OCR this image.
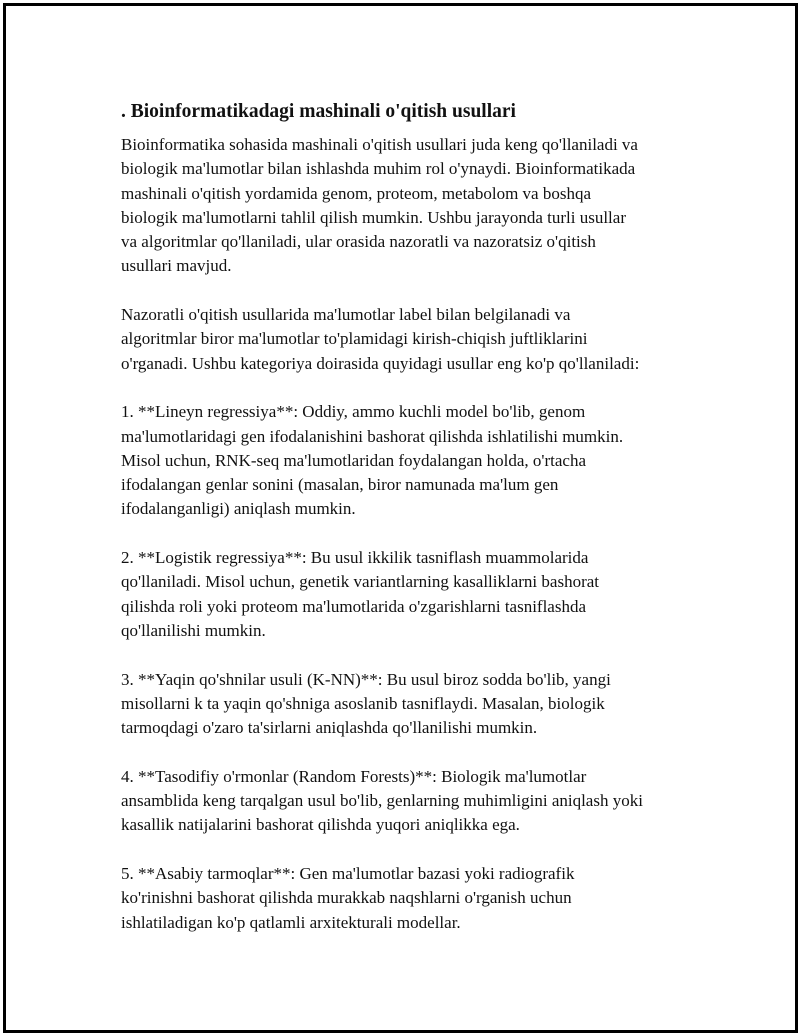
. Bioinformatikadagi mashinali o'qitish usullari
Bioinformatika sohasida mashinali o'qitish usullari juda keng qo'llaniladi va
biologik ma'lumotlar bilan ishlashda muhim rol o'ynaydi. Bioinformatikada
mashinali o'qitish yordamida genom, proteom, metabolom va boshqa
biologik ma'lumotlarni tahlil qilish mumkin. Ushbu jarayonda turli usullar
va algoritmlar qo'llaniladi, ular orasida nazoratli va nazoratsiz o'qitish
usullari mavjud.
Nazoratli o'qitish usullarida ma'lumotlar label bilan belgilanadi va
algoritmlar biror ma'lumotlar to'plamidagi kirish-chiqish juftliklarini
o'rganadi. Ushbu kategoriya doirasida quyidagi usullar eng ko'p qo'llaniladi:
1. **Lineyn regressiya**: Oddiy, ammo kuchli model bo'lib, genom
ma'lumotlaridagi gen ifodalanishini bashorat qilishda ishlatilishi mumkin.
Misol uchun, RNK-seq ma'lumotlaridan foydalangan holda, o'rtacha
ifodalangan genlar sonini (masalan, biror namunada ma'lum gen
ifodalanganligi) aniqlash mumkin.
2. **Logistik regressiya**: Bu usul ikkilik tasniflash muammolarida
qo'llaniladi. Misol uchun, genetik variantlarning kasalliklarni bashorat
qilishda roli yoki proteom ma'lumotlarida o'zgarishlarni tasniflashda
qo'llanilishi mumkin.
3. **Yaqin qo'shnilar usuli (K-NN)**: Bu usul biroz sodda bo'lib, yangi
misollarni k ta yaqin qo'shniga asoslanib tasniflaydi. Masalan, biologik
tarmoqdagi o'zaro ta'sirlarni aniqlashda qo'llanilishi mumkin.
4. **Tasodifiy o'rmonlar (Random Forests)**: Biologik ma'lumotlar
ansamblida keng tarqalgan usul bo'lib, genlarning muhimligini aniqlash yoki
kasallik natijalarini bashorat qilishda yuqori aniqlikka ega.
5. **Asabiy tarmoqlar**: Gen ma'lumotlar bazasi yoki radiografik
ko'rinishni bashorat qilishda murakkab naqshlarni o'rganish uchun
ishlatiladigan ko'p qatlamli arxitekturali modellar.
